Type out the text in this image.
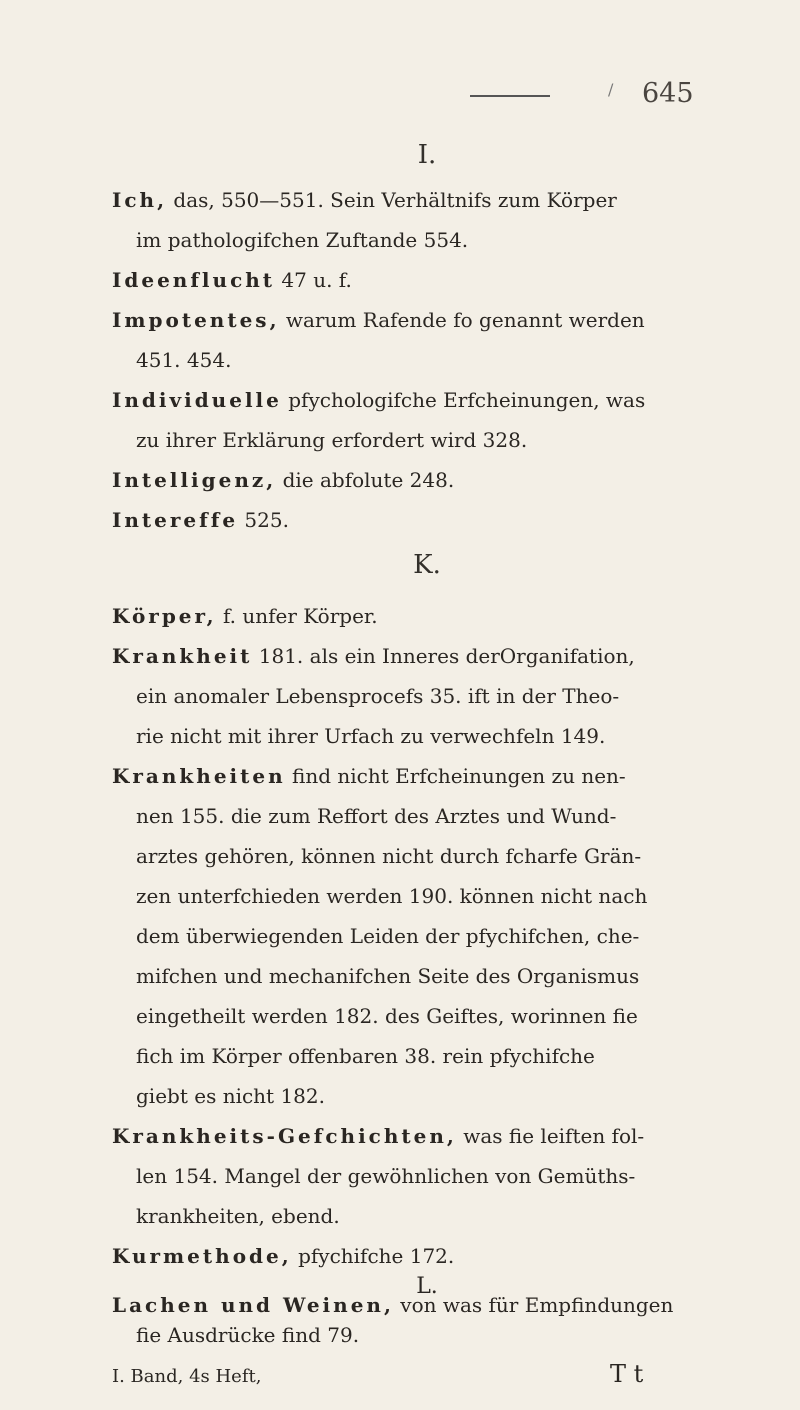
/ 645
I.
Ich, das, 550—551. Sein Verhältnifs zum Körper
im pathologifchen Zuftande 554.
Ideenflucht 47 u. f.
Impotentes, warum Rafende fo genannt werden
451. 454.
Individuelle pfychologifche Erfcheinungen, was
zu ihrer Erklärung erfordert wird 328.
Intelligenz, die abfolute 248.
Intereffe 525.
K.
Körper, f. unfer Körper.
Krankheit 181. als ein Inneres derOrganifation,
ein anomaler Lebensprocefs 35. ift in der Theo-
rie nicht mit ihrer Urfach zu verwechfeln 149.
Krankheiten find nicht Erfcheinungen zu nen-
nen 155. die zum Reffort des Arztes und Wund-
arztes gehören, können nicht durch fcharfe Grän-
zen unterfchieden werden 190. können nicht nach
dem überwiegenden Leiden der pfychifchen, che-
mifchen und mechanifchen Seite des Organismus
eingetheilt werden 182. des Geiftes, worinnen fie
fich im Körper offenbaren 38. rein pfychifche
giebt es nicht 182.
Krankheits-Gefchichten, was fie leiften fol-
len 154. Mangel der gewöhnlichen von Gemüths-
krankheiten, ebend.
Kurmethode, pfychifche 172.
L.
Lachen und Weinen, von was für Empfindungen
fie Ausdrücke find 79.
I. Band, 4s Heft,	T t
